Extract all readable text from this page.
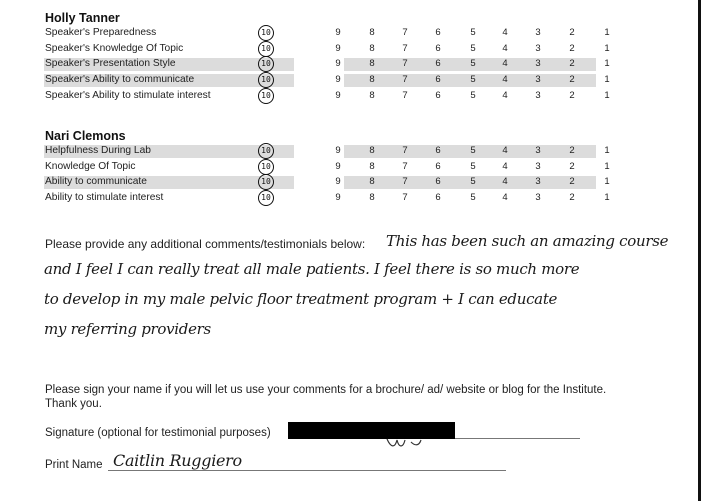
Holly Tanner
Speaker's Preparedness	10	9	8	7	6	5	4	3	2	1
Speaker's Knowledge Of Topic	10	9	8	7	6	5	4	3	2	1
Speaker's Presentation Style	10	9	8	7	6	5	4	3	2	1
Speaker's Ability to communicate	10	9	8	7	6	5	4	3	2	1
Speaker's Ability to stimulate interest	10	9	8	7	6	5	4	3	2	1
Nari Clemons
Helpfulness During Lab	10	9	8	7	6	5	4	3	2	1
Knowledge Of Topic	10	9	8	7	6	5	4	3	2	1
Ability to communicate	10	9	8	7	6	5	4	3	2	1
Ability to stimulate interest	10	9	8	7	6	5	4	3	2	1
Please provide any additional comments/testimonials below: This has been such an amazing course
and I feel I can really treat all male patients. I feel there is so much more
to develop in my male pelvic floor treatment program + I can educate
my referring providers
Please sign your name if you will let us use your comments for a brochure/ ad/ website or blog for the Institute.
Thank you.
Signature (optional for testimonial purposes)
Print Name Caitlin Ruggiero
